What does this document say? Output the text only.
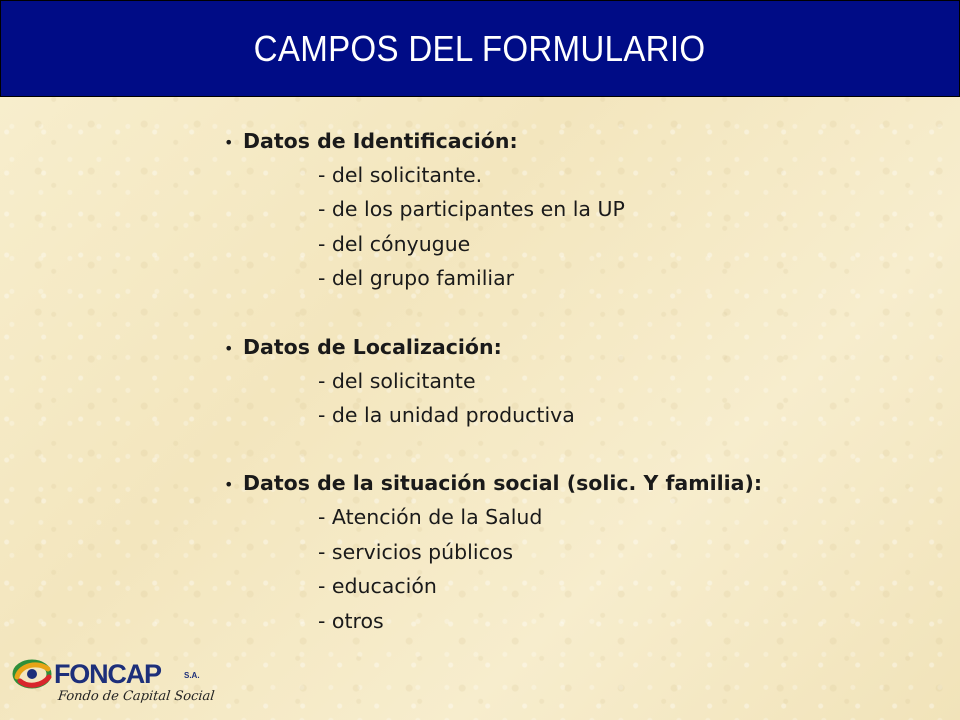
CAMPOS DEL FORMULARIO
• Datos de Identificación:
- del solicitante.
- de los participantes en la UP
- del cónyugue
- del grupo familiar
• Datos de Localización:
- del solicitante
- de la unidad productiva
• Datos de la situación social (solic. Y familia):
- Atención de la Salud
- servicios públicos
- educación
- otros
FONCAP	S.A.
Fondo de Capital Social
